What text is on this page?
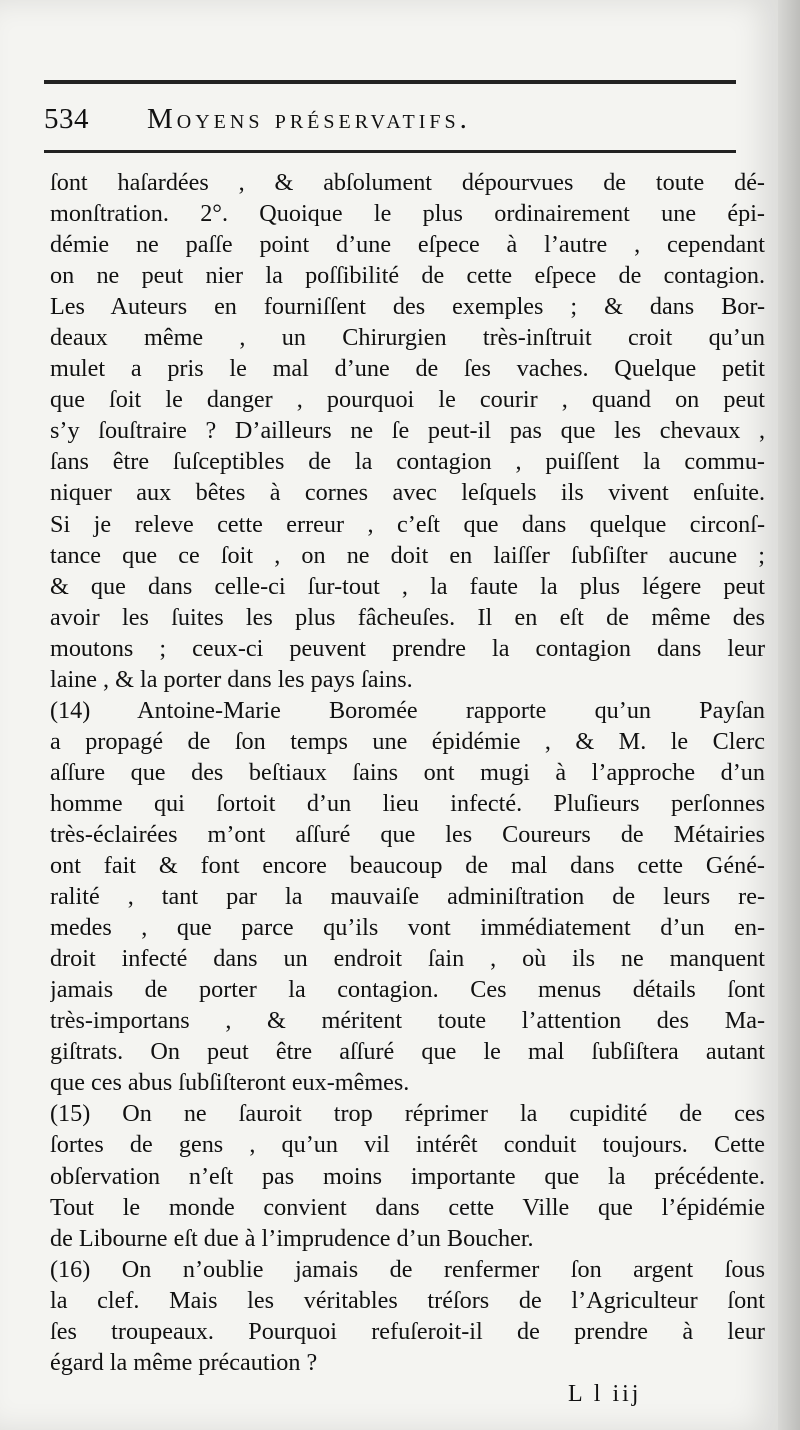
534 Moyens préservatifs.
ſont haſardées , & abſolument dépourvues de toute dé-
monſtration. 2°. Quoique le plus ordinairement une épi-
démie ne paſſe point d’une eſpece à l’autre , cependant
on ne peut nier la poſſibilité de cette eſpece de contagion.
Les Auteurs en fourniſſent des exemples ; & dans Bor-
deaux même , un Chirurgien très-inſtruit croit qu’un
mulet a pris le mal d’une de ſes vaches. Quelque petit
que ſoit le danger , pourquoi le courir , quand on peut
s’y ſouſtraire ? D’ailleurs ne ſe peut-il pas que les chevaux ,
ſans être ſuſceptibles de la contagion , puiſſent la commu-
niquer aux bêtes à cornes avec leſquels ils vivent enſuite.
Si je releve cette erreur , c’eſt que dans quelque circonſ-
tance que ce ſoit , on ne doit en laiſſer ſubſiſter aucune ;
& que dans celle-ci ſur-tout , la faute la plus légere peut
avoir les ſuites les plus fâcheuſes. Il en eſt de même des
moutons ; ceux-ci peuvent prendre la contagion dans leur
laine , & la porter dans les pays ſains.
(14) Antoine-Marie Boromée rapporte qu’un Payſan
a propagé de ſon temps une épidémie , & M. le Clerc
aſſure que des beſtiaux ſains ont mugi à l’approche d’un
homme qui ſortoit d’un lieu infecté. Pluſieurs perſonnes
très-éclairées m’ont aſſuré que les Coureurs de Métairies
ont fait & font encore beaucoup de mal dans cette Géné-
ralité , tant par la mauvaiſe adminiſtration de leurs re-
medes , que parce qu’ils vont immédiatement d’un en-
droit infecté dans un endroit ſain , où ils ne manquent
jamais de porter la contagion. Ces menus détails ſont
très-importans , & méritent toute l’attention des Ma-
giſtrats. On peut être aſſuré que le mal ſubſiſtera autant
que ces abus ſubſiſteront eux-mêmes.
(15) On ne ſauroit trop réprimer la cupidité de ces
ſortes de gens , qu’un vil intérêt conduit toujours. Cette
obſervation n’eſt pas moins importante que la précédente.
Tout le monde convient dans cette Ville que l’épidémie
de Libourne eſt due à l’imprudence d’un Boucher.
(16) On n’oublie jamais de renfermer ſon argent ſous
la clef. Mais les véritables tréſors de l’Agriculteur ſont
ſes troupeaux. Pourquoi refuſeroit-il de prendre à leur
égard la même précaution ?
L l iij
